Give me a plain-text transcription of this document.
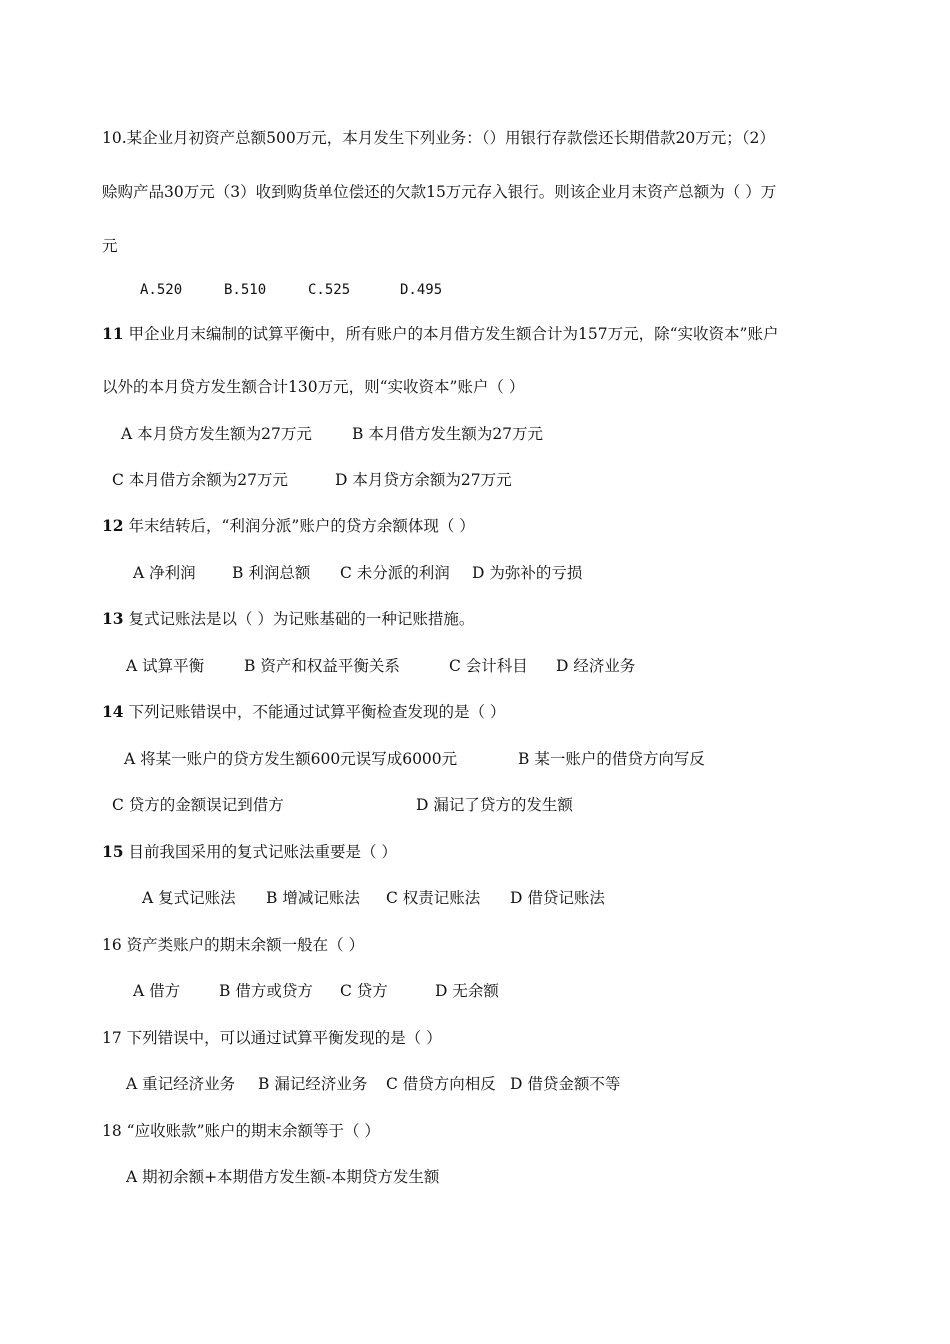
10.某企业月初资产总额500万元，本月发生下列业务：（）用银行存款偿还长期借款20万元；（2）
赊购产品30万元（3）收到购货单位偿还的欠款15万元存入银行。则该企业月末资产总额为（ ）万
元
A.520	B.510	C.525	D.495
11 甲企业月末编制的试算平衡中，所有账户的本月借方发生额合计为157万元，除“实收资本”账户
以外的本月贷方发生额合计130万元，则“实收资本”账户（ ）
A 本月贷方发生额为27万元	B 本月借方发生额为27万元
C 本月借方余额为27万元	D 本月贷方余额为27万元
12 年末结转后，“利润分派”账户的贷方余额体现（ ）
A 净利润 B 利润总额 C 未分派的利润 D 为弥补的亏损
13 复式记账法是以（ ）为记账基础的一种记账措施。
A 试算平衡	B 资产和权益平衡关系	C 会计科目 D 经济业务
14 下列记账错误中，不能通过试算平衡检查发现的是（ ）
A 将某一账户的贷方发生额600元误写成6000元	B 某一账户的借贷方向写反
C 贷方的金额误记到借方	D 漏记了贷方的发生额
15 目前我国采用的复式记账法重要是（ ）
A 复式记账法 B 增减记账法 C 权责记账法 D 借贷记账法
16 资产类账户的期末余额一般在（ ）
A 借方	B 借方或贷方 C 贷方	D 无余额
17 下列错误中，可以通过试算平衡发现的是（ ）
A 重记经济业务 B 漏记经济业务 C 借贷方向相反 D 借贷金额不等
18 “应收账款”账户的期末余额等于（ ）
A 期初余额+本期借方发生额-本期贷方发生额
